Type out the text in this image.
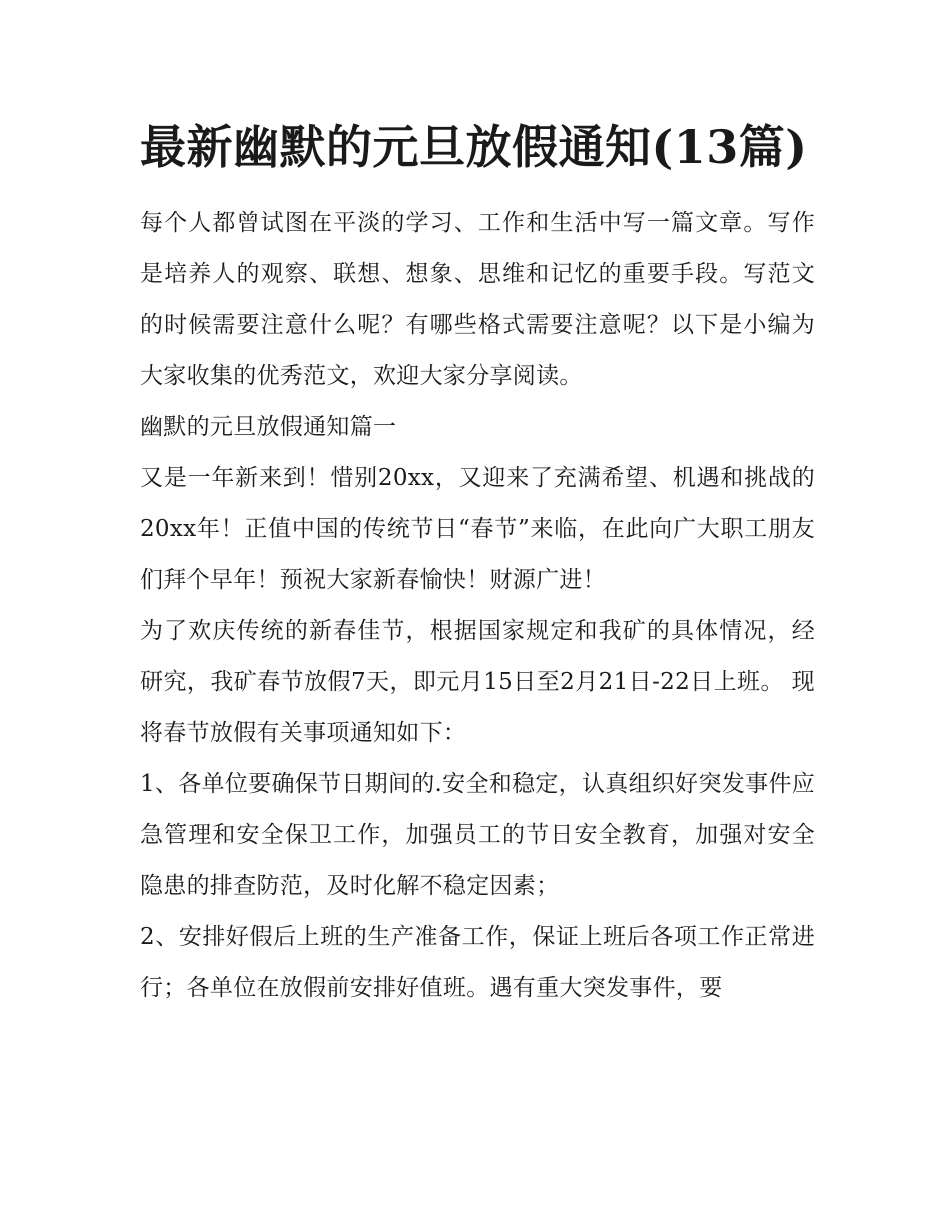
最新幽默的元旦放假通知(13篇)

每个人都曾试图在平淡的学习、工作和生活中写一篇文章。写作是培养人的观察、联想、想象、思维和记忆的重要手段。写范文的时候需要注意什么呢？有哪些格式需要注意呢？以下是小编为大家收集的优秀范文，欢迎大家分享阅读。

幽默的元旦放假通知篇一

又是一年新来到！惜别20xx，又迎来了充满希望、机遇和挑战的20xx年！正值中国的传统节日“春节”来临，在此向广大职工朋友们拜个早年！预祝大家新春愉快！财源广进！

为了欢庆传统的新春佳节，根据国家规定和我矿的具体情况，经研究，我矿春节放假7天，即元月15日至2月21日-22日上班。 现将春节放假有关事项通知如下：

1、各单位要确保节日期间的.安全和稳定，认真组织好突发事件应急管理和安全保卫工作，加强员工的节日安全教育，加强对安全隐患的排查防范，及时化解不稳定因素；

2、安排好假后上班的生产准备工作，保证上班后各项工作正常进行；各单位在放假前安排好值班。遇有重大突发事件，要
